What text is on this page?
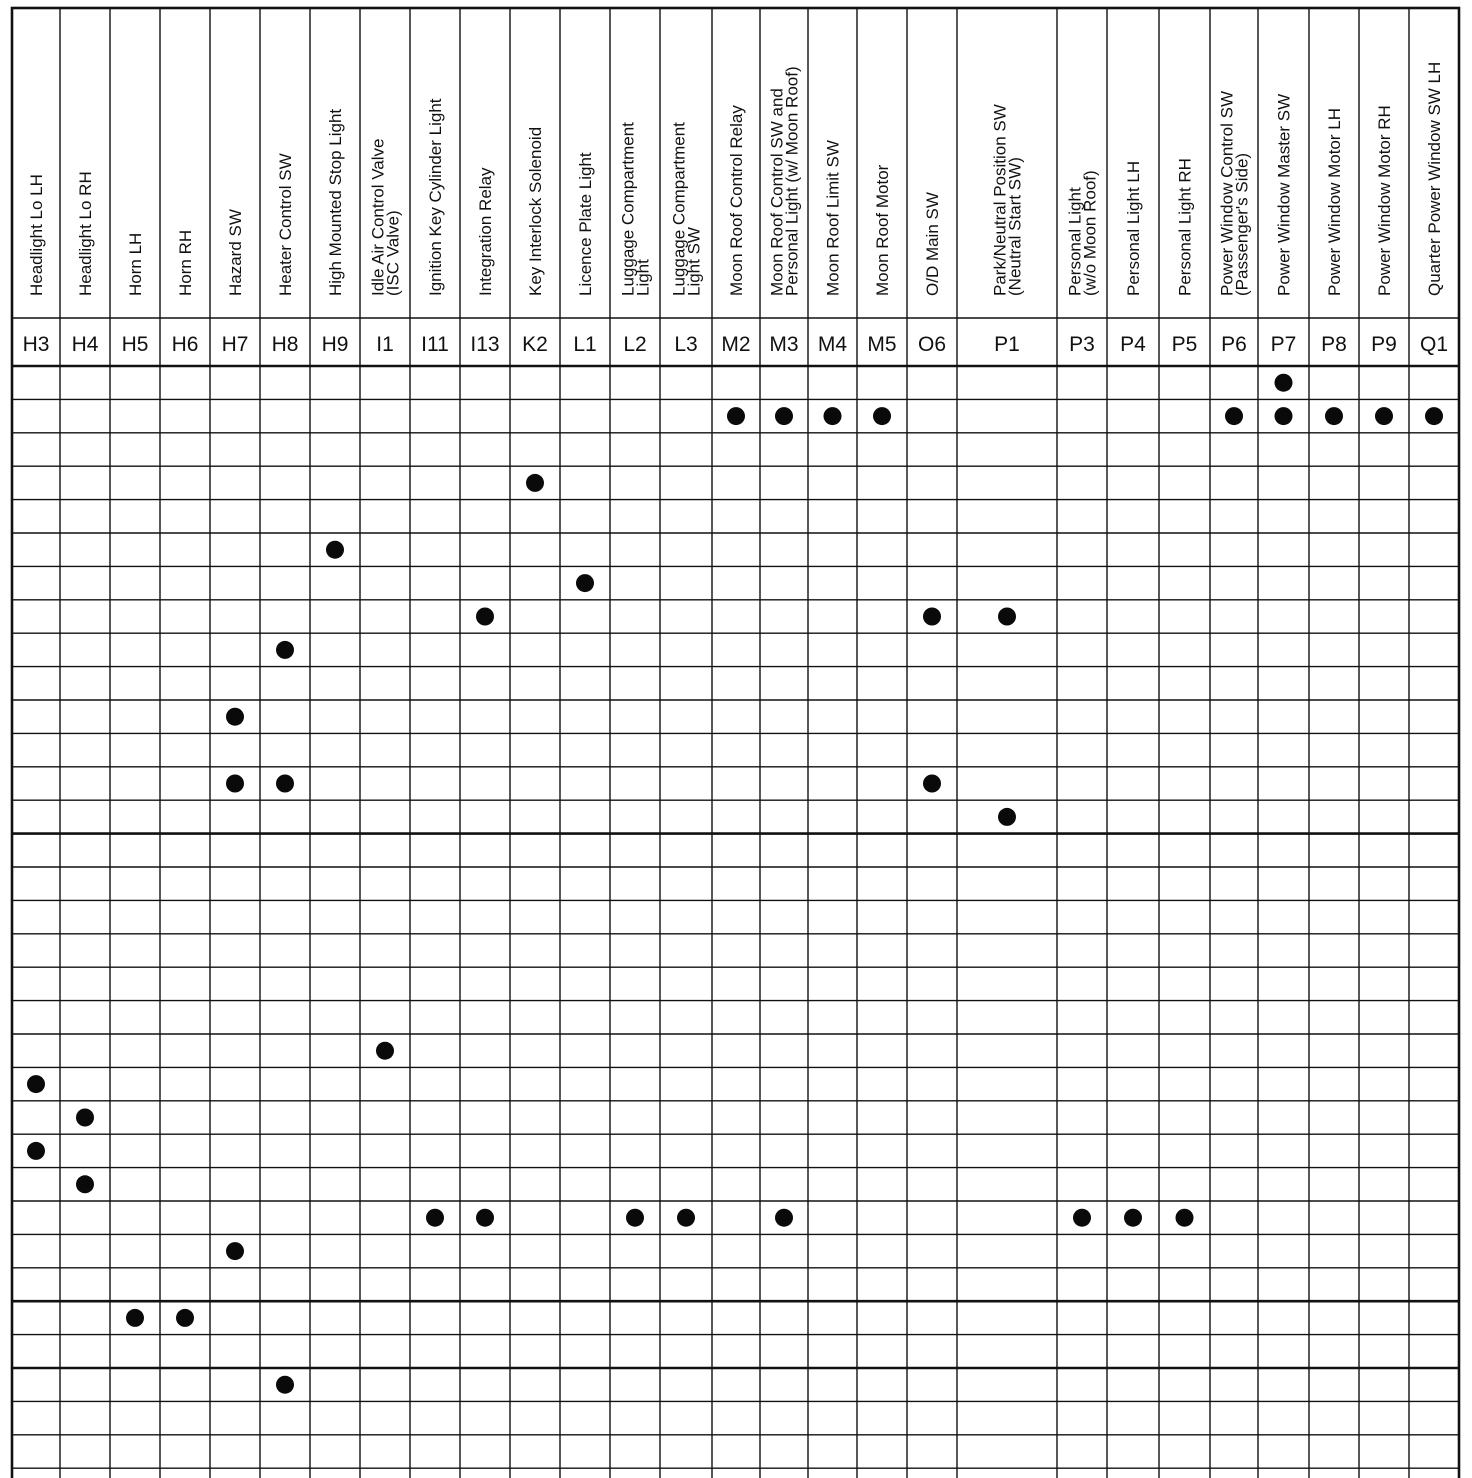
Headlight Lo LH Headlight Lo RH Horn LH Horn RH Hazard SW Heater Control SW High Mounted Stop Light Idle Air Control Valve
(ISC Valve) Ignition Key Cylinder Light Integration Relay Key Interlock Solenoid Licence Plate Light Luggage Compartment
Light Luggage Compartment
Light SW Moon Roof Control Relay Moon Roof Control SW and
Personal Light (w/ Moon Roof) Moon Roof Limit SW Moon Roof Motor O/D Main SW	Park/Neutral Position SW
(Neutral Start SW) Personal Light
(w/o Moon Roof) Personal Light LH Personal Light RH Power Window Control SW
(Passenger's Side) Power Window Master SW Power Window Motor LH Power Window Motor RH Quarter Power Window SW LH
H3 H4 H5 H6 H7 H8 H9 I1 I11 I13 K2 L1 L2 L3 M2 M3 M4 M5 O6 P1 P3 P4 P5 P6 P7 P8 P9 Q1
